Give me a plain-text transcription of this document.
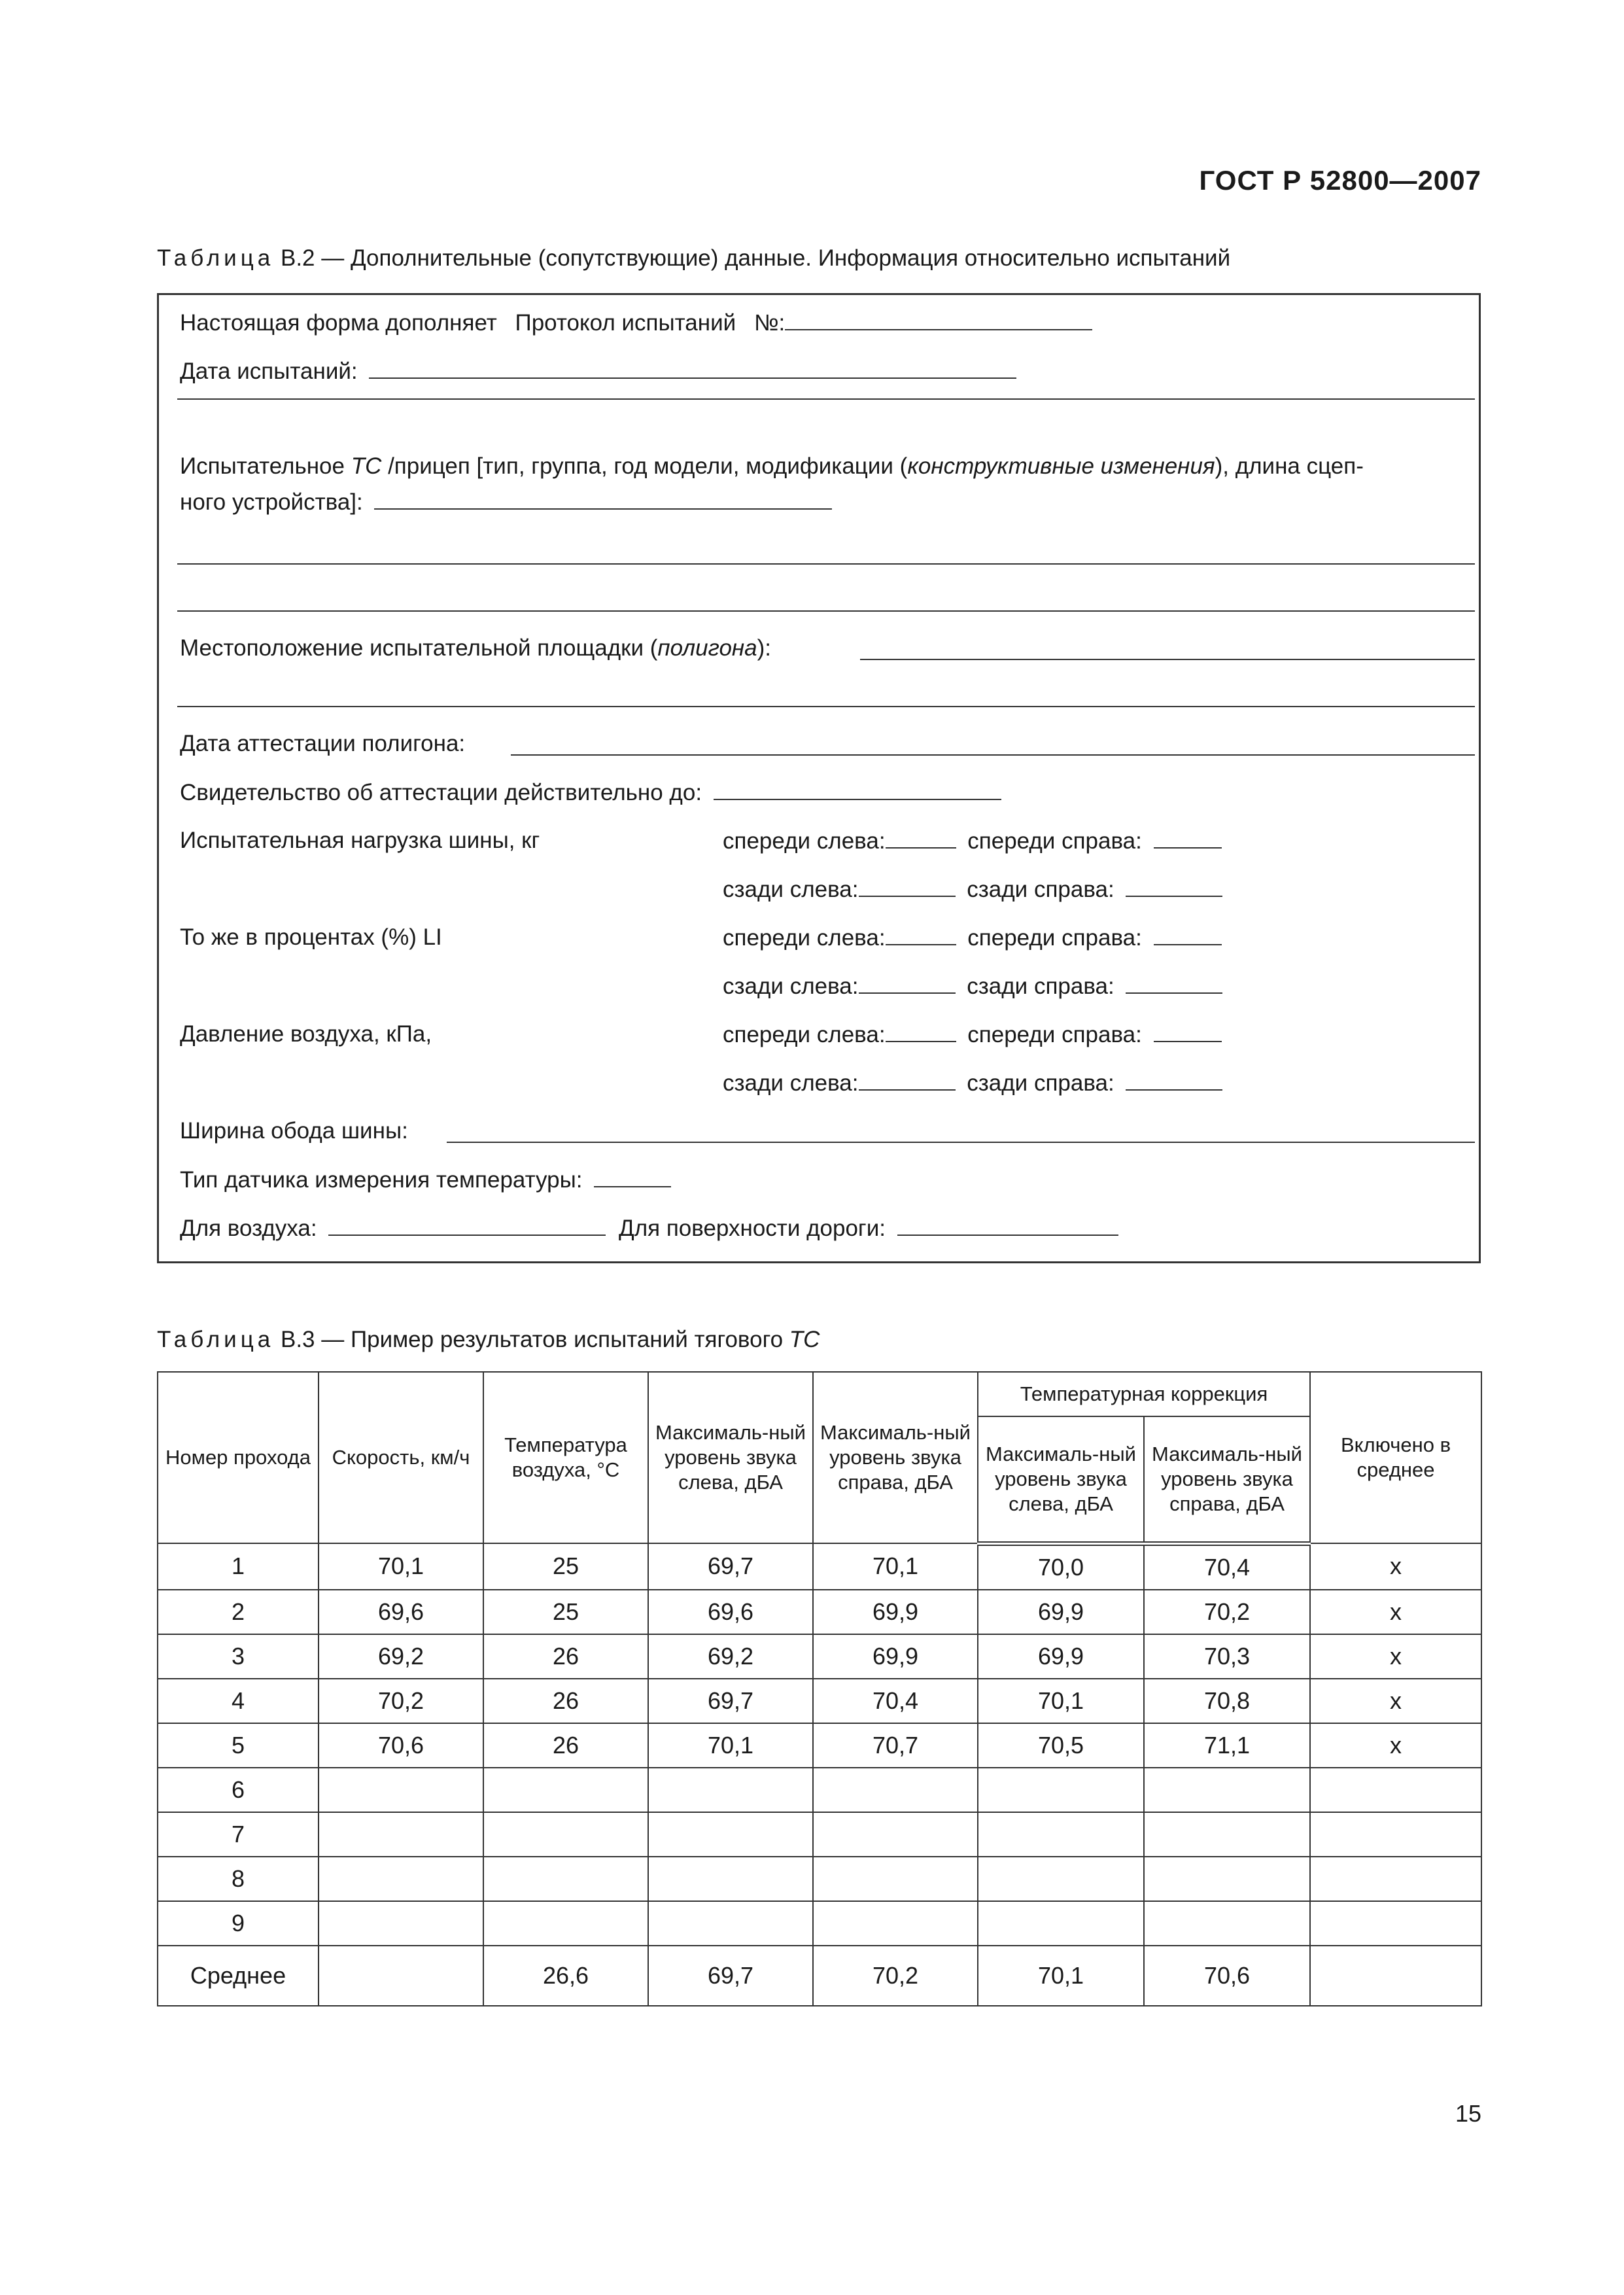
ГОСТ Р 52800—2007
Таблица В.2 — Дополнительные (сопутствующие) данные. Информация относительно испытаний
Настоящая форма дополняет Протокол испытаний №:
Дата испытаний:
Испытательное ТС /прицеп [тип, группа, год модели, модификации (конструктивные изменения), длина сцеп-
ного устройства]:
Местоположение испытательной площадки (полигона):
Дата аттестации полигона:
Свидетельство об аттестации действительно до:
Испытательная нагрузка шины, кг	спереди слева:	спереди справа:
сзади слева:	сзади справа:
То же в процентах (%) LI	спереди слева:	спереди справа:
сзади слева:	сзади справа:
Давление воздуха, кПа,	спереди слева:	спереди справа:
сзади слева:	сзади справа:
Ширина обода шины:
Тип датчика измерения температуры:
Для воздуха:	Для поверхности дороги:
Таблица В.3 — Пример результатов испытаний тягового ТС
Номер прохода	Скорость, км/ч	Температура воздуха, °С	Максималь-ный уровень звука слева, дБА	Максималь-ный уровень звука справа, дБА	Температурная коррекция		Включено в среднее
					Максималь-ный уровень звука слева, дБА	Максималь-ный уровень звука справа, дБА	
1	70,1	25	69,7	70,1	70,0	70,4	x
2	69,6	25	69,6	69,9	69,9	70,2	x
3	69,2	26	69,2	69,9	69,9	70,3	x
4	70,2	26	69,7	70,4	70,1	70,8	x
5	70,6	26	70,1	70,7	70,5	71,1	x
6							
7							
8							
9							
Среднее		26,6	69,7	70,2	70,1	70,6	
15
